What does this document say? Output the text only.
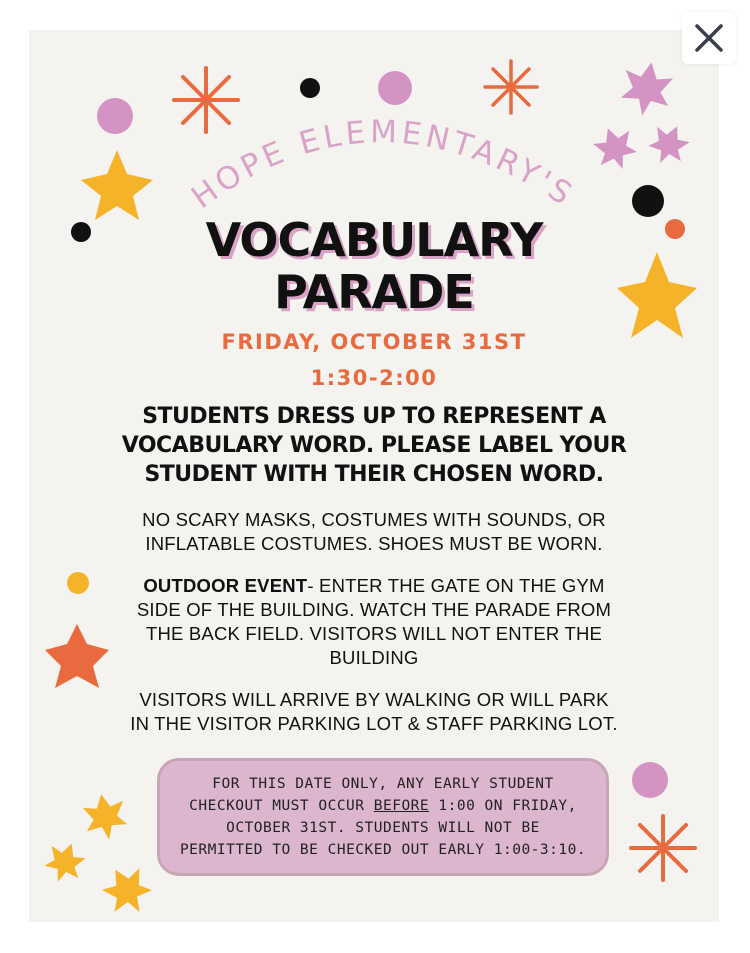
HOPE ELEMENTARY'S
VOCABULARY
PARADE
FRIDAY, OCTOBER 31ST
1:30-2:00
STUDENTS DRESS UP TO REPRESENT A
VOCABULARY WORD. PLEASE LABEL YOUR
STUDENT WITH THEIR CHOSEN WORD.
NO SCARY MASKS, COSTUMES WITH SOUNDS, OR
INFLATABLE COSTUMES. SHOES MUST BE WORN.
OUTDOOR EVENT- ENTER THE GATE ON THE GYM
SIDE OF THE BUILDING. WATCH THE PARADE FROM
THE BACK FIELD. VISITORS WILL NOT ENTER THE
BUILDING
VISITORS WILL ARRIVE BY WALKING OR WILL PARK
IN THE VISITOR PARKING LOT & STAFF PARKING LOT.
FOR THIS DATE ONLY, ANY EARLY STUDENT
CHECKOUT MUST OCCUR BEFORE 1:00 ON FRIDAY,
OCTOBER 31ST. STUDENTS WILL NOT BE
PERMITTED TO BE CHECKED OUT EARLY 1:00-3:10.
